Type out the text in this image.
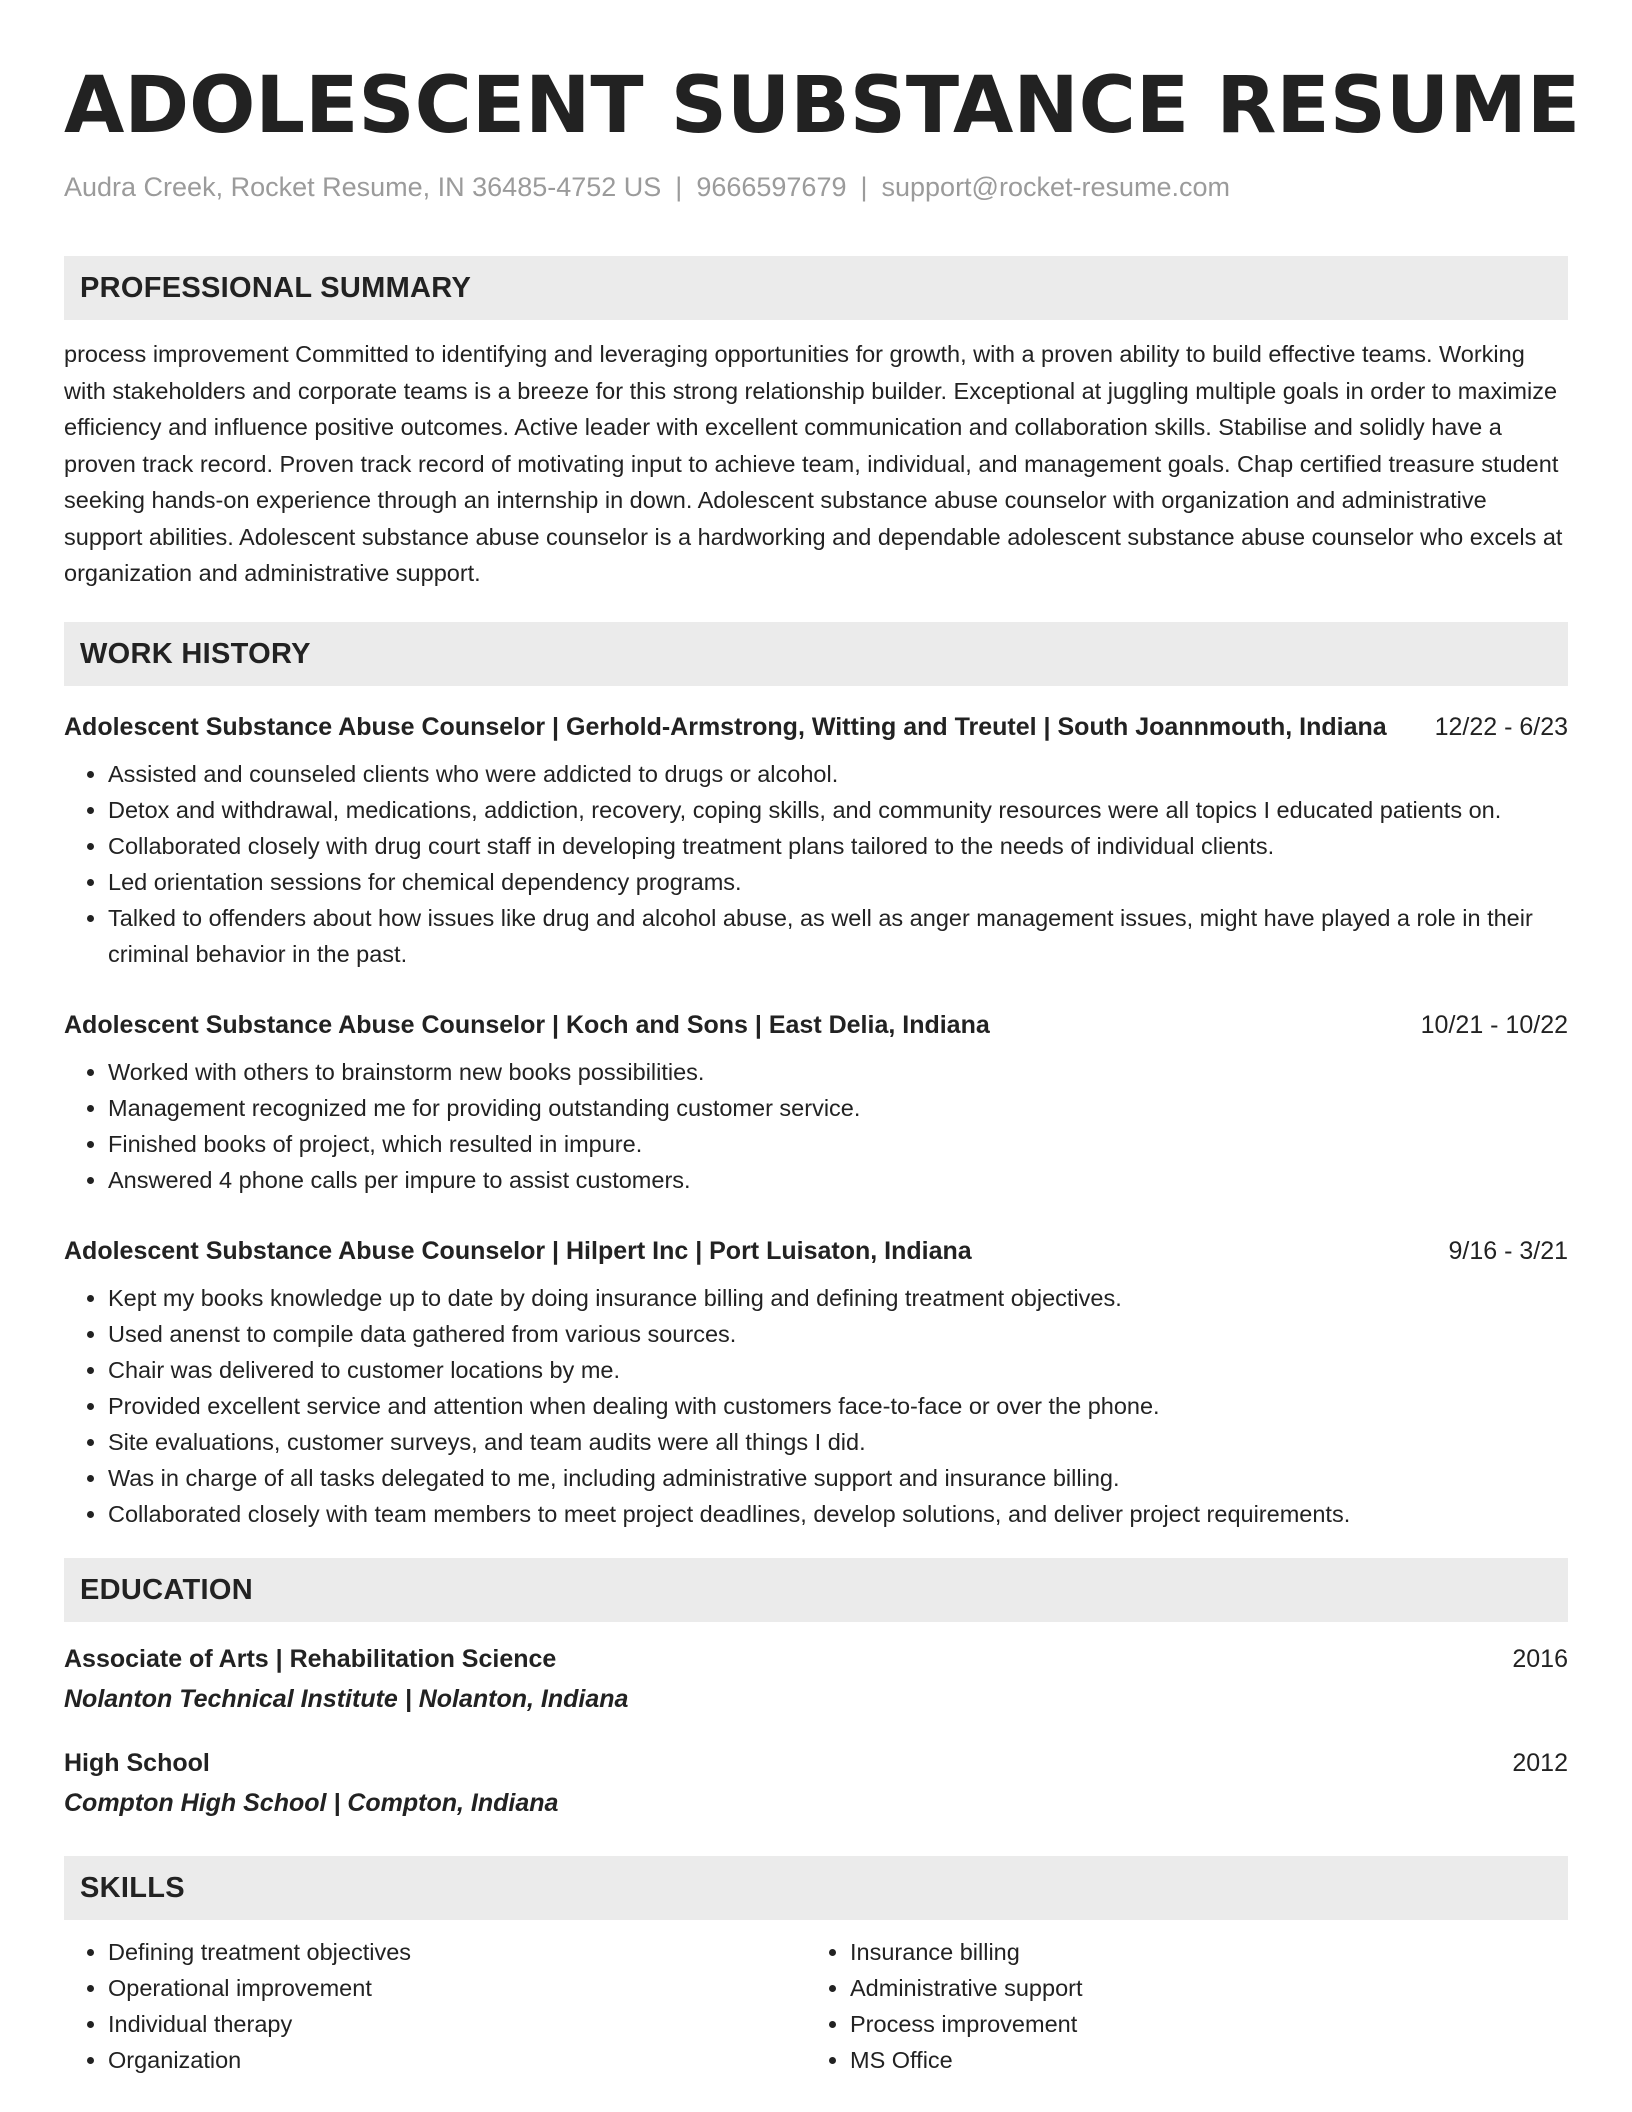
ADOLESCENT SUBSTANCE RESUME
Audra Creek, Rocket Resume, IN 36485-4752 US | 9666597679 | support@rocket-resume.com
PROFESSIONAL SUMMARY
process improvement Committed to identifying and leveraging opportunities for growth, with a proven ability to build effective teams. Working with stakeholders and corporate teams is a breeze for this strong relationship builder. Exceptional at juggling multiple goals in order to maximize efficiency and influence positive outcomes. Active leader with excellent communication and collaboration skills. Stabilise and solidly have a proven track record. Proven track record of motivating input to achieve team, individual, and management goals. Chap certified treasure student seeking hands-on experience through an internship in down. Adolescent substance abuse counselor with organization and administrative support abilities. Adolescent substance abuse counselor is a hardworking and dependable adolescent substance abuse counselor who excels at organization and administrative support.
WORK HISTORY
Adolescent Substance Abuse Counselor | Gerhold-Armstrong, Witting and Treutel | South Joannmouth, Indiana 12/22 - 6/23
• Assisted and counseled clients who were addicted to drugs or alcohol.
• Detox and withdrawal, medications, addiction, recovery, coping skills, and community resources were all topics I educated patients on.
• Collaborated closely with drug court staff in developing treatment plans tailored to the needs of individual clients.
• Led orientation sessions for chemical dependency programs.
• Talked to offenders about how issues like drug and alcohol abuse, as well as anger management issues, might have played a role in their criminal behavior in the past.
Adolescent Substance Abuse Counselor | Koch and Sons | East Delia, Indiana	10/21 - 10/22
• Worked with others to brainstorm new books possibilities.
• Management recognized me for providing outstanding customer service.
• Finished books of project, which resulted in impure.
• Answered 4 phone calls per impure to assist customers.
Adolescent Substance Abuse Counselor | Hilpert Inc | Port Luisaton, Indiana	9/16 - 3/21
• Kept my books knowledge up to date by doing insurance billing and defining treatment objectives.
• Used anenst to compile data gathered from various sources.
• Chair was delivered to customer locations by me.
• Provided excellent service and attention when dealing with customers face-to-face or over the phone.
• Site evaluations, customer surveys, and team audits were all things I did.
• Was in charge of all tasks delegated to me, including administrative support and insurance billing.
• Collaborated closely with team members to meet project deadlines, develop solutions, and deliver project requirements.
EDUCATION
Associate of Arts | Rehabilitation Science	2016
Nolanton Technical Institute | Nolanton, Indiana
High School	2012
Compton High School | Compton, Indiana
SKILLS
• Defining treatment objectives
• Operational improvement
• Individual therapy
• Organization
• Insurance billing
• Administrative support
• Process improvement
• MS Office
